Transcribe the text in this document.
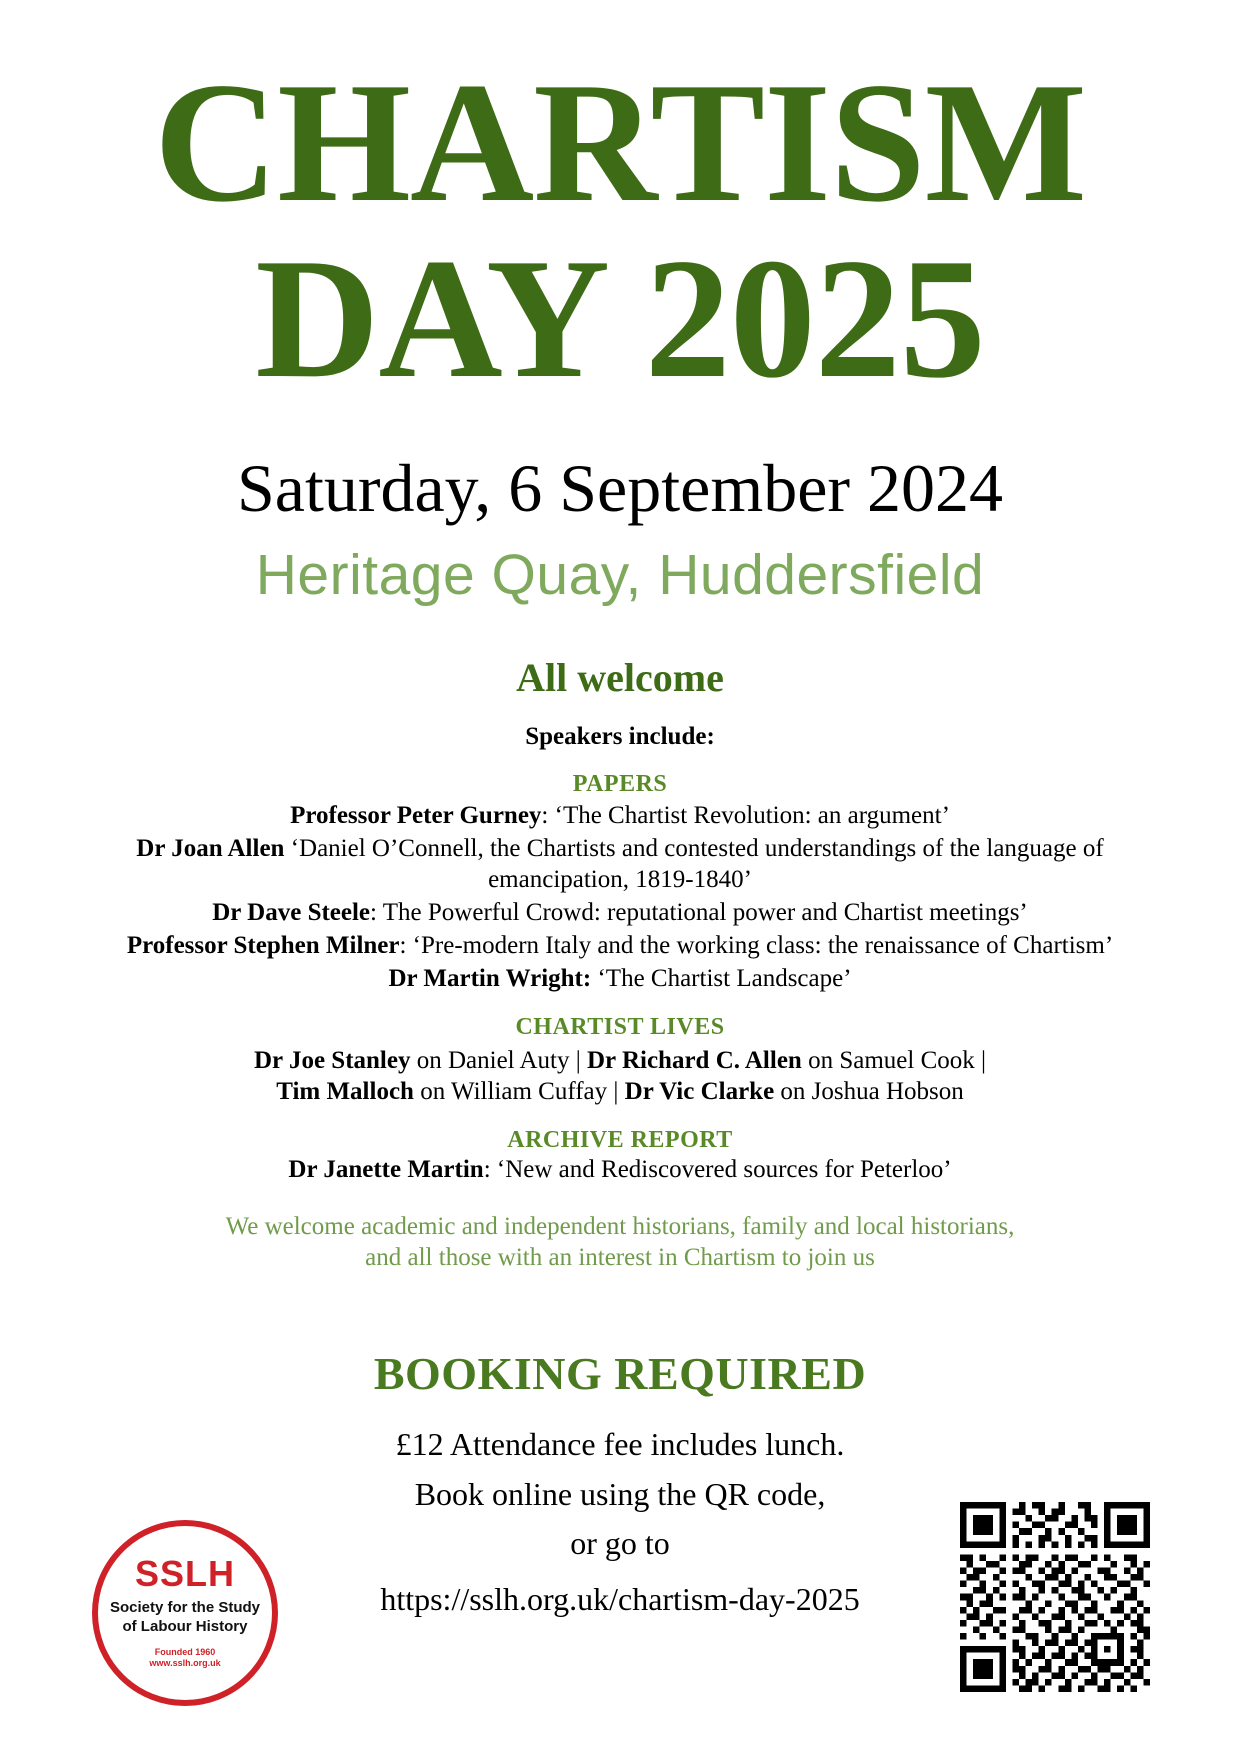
CHARTISM
DAY 2025
Saturday, 6 September 2024
Heritage Quay, Huddersfield
All welcome
Speakers include:
PAPERS
Professor Peter Gurney: ‘The Chartist Revolution: an argument’
Dr Joan Allen ‘Daniel O’Connell, the Chartists and contested understandings of the language of emancipation, 1819-1840’
Dr Dave Steele: The Powerful Crowd: reputational power and Chartist meetings’
Professor Stephen Milner: ‘Pre-modern Italy and the working class: the renaissance of Chartism’
Dr Martin Wright: ‘The Chartist Landscape’
CHARTIST LIVES
Dr Joe Stanley on Daniel Auty | Dr Richard C. Allen on Samuel Cook |
Tim Malloch on William Cuffay | Dr Vic Clarke on Joshua Hobson
ARCHIVE REPORT
Dr Janette Martin: ‘New and Rediscovered sources for Peterloo’
We welcome academic and independent historians, family and local historians,
and all those with an interest in Chartism to join us
BOOKING REQUIRED
£12 Attendance fee includes lunch.
Book online using the QR code,
or go to
https://sslh.org.uk/chartism-day-2025
SSLH
Society for the Study
of Labour History
Founded 1960
www.sslh.org.uk
